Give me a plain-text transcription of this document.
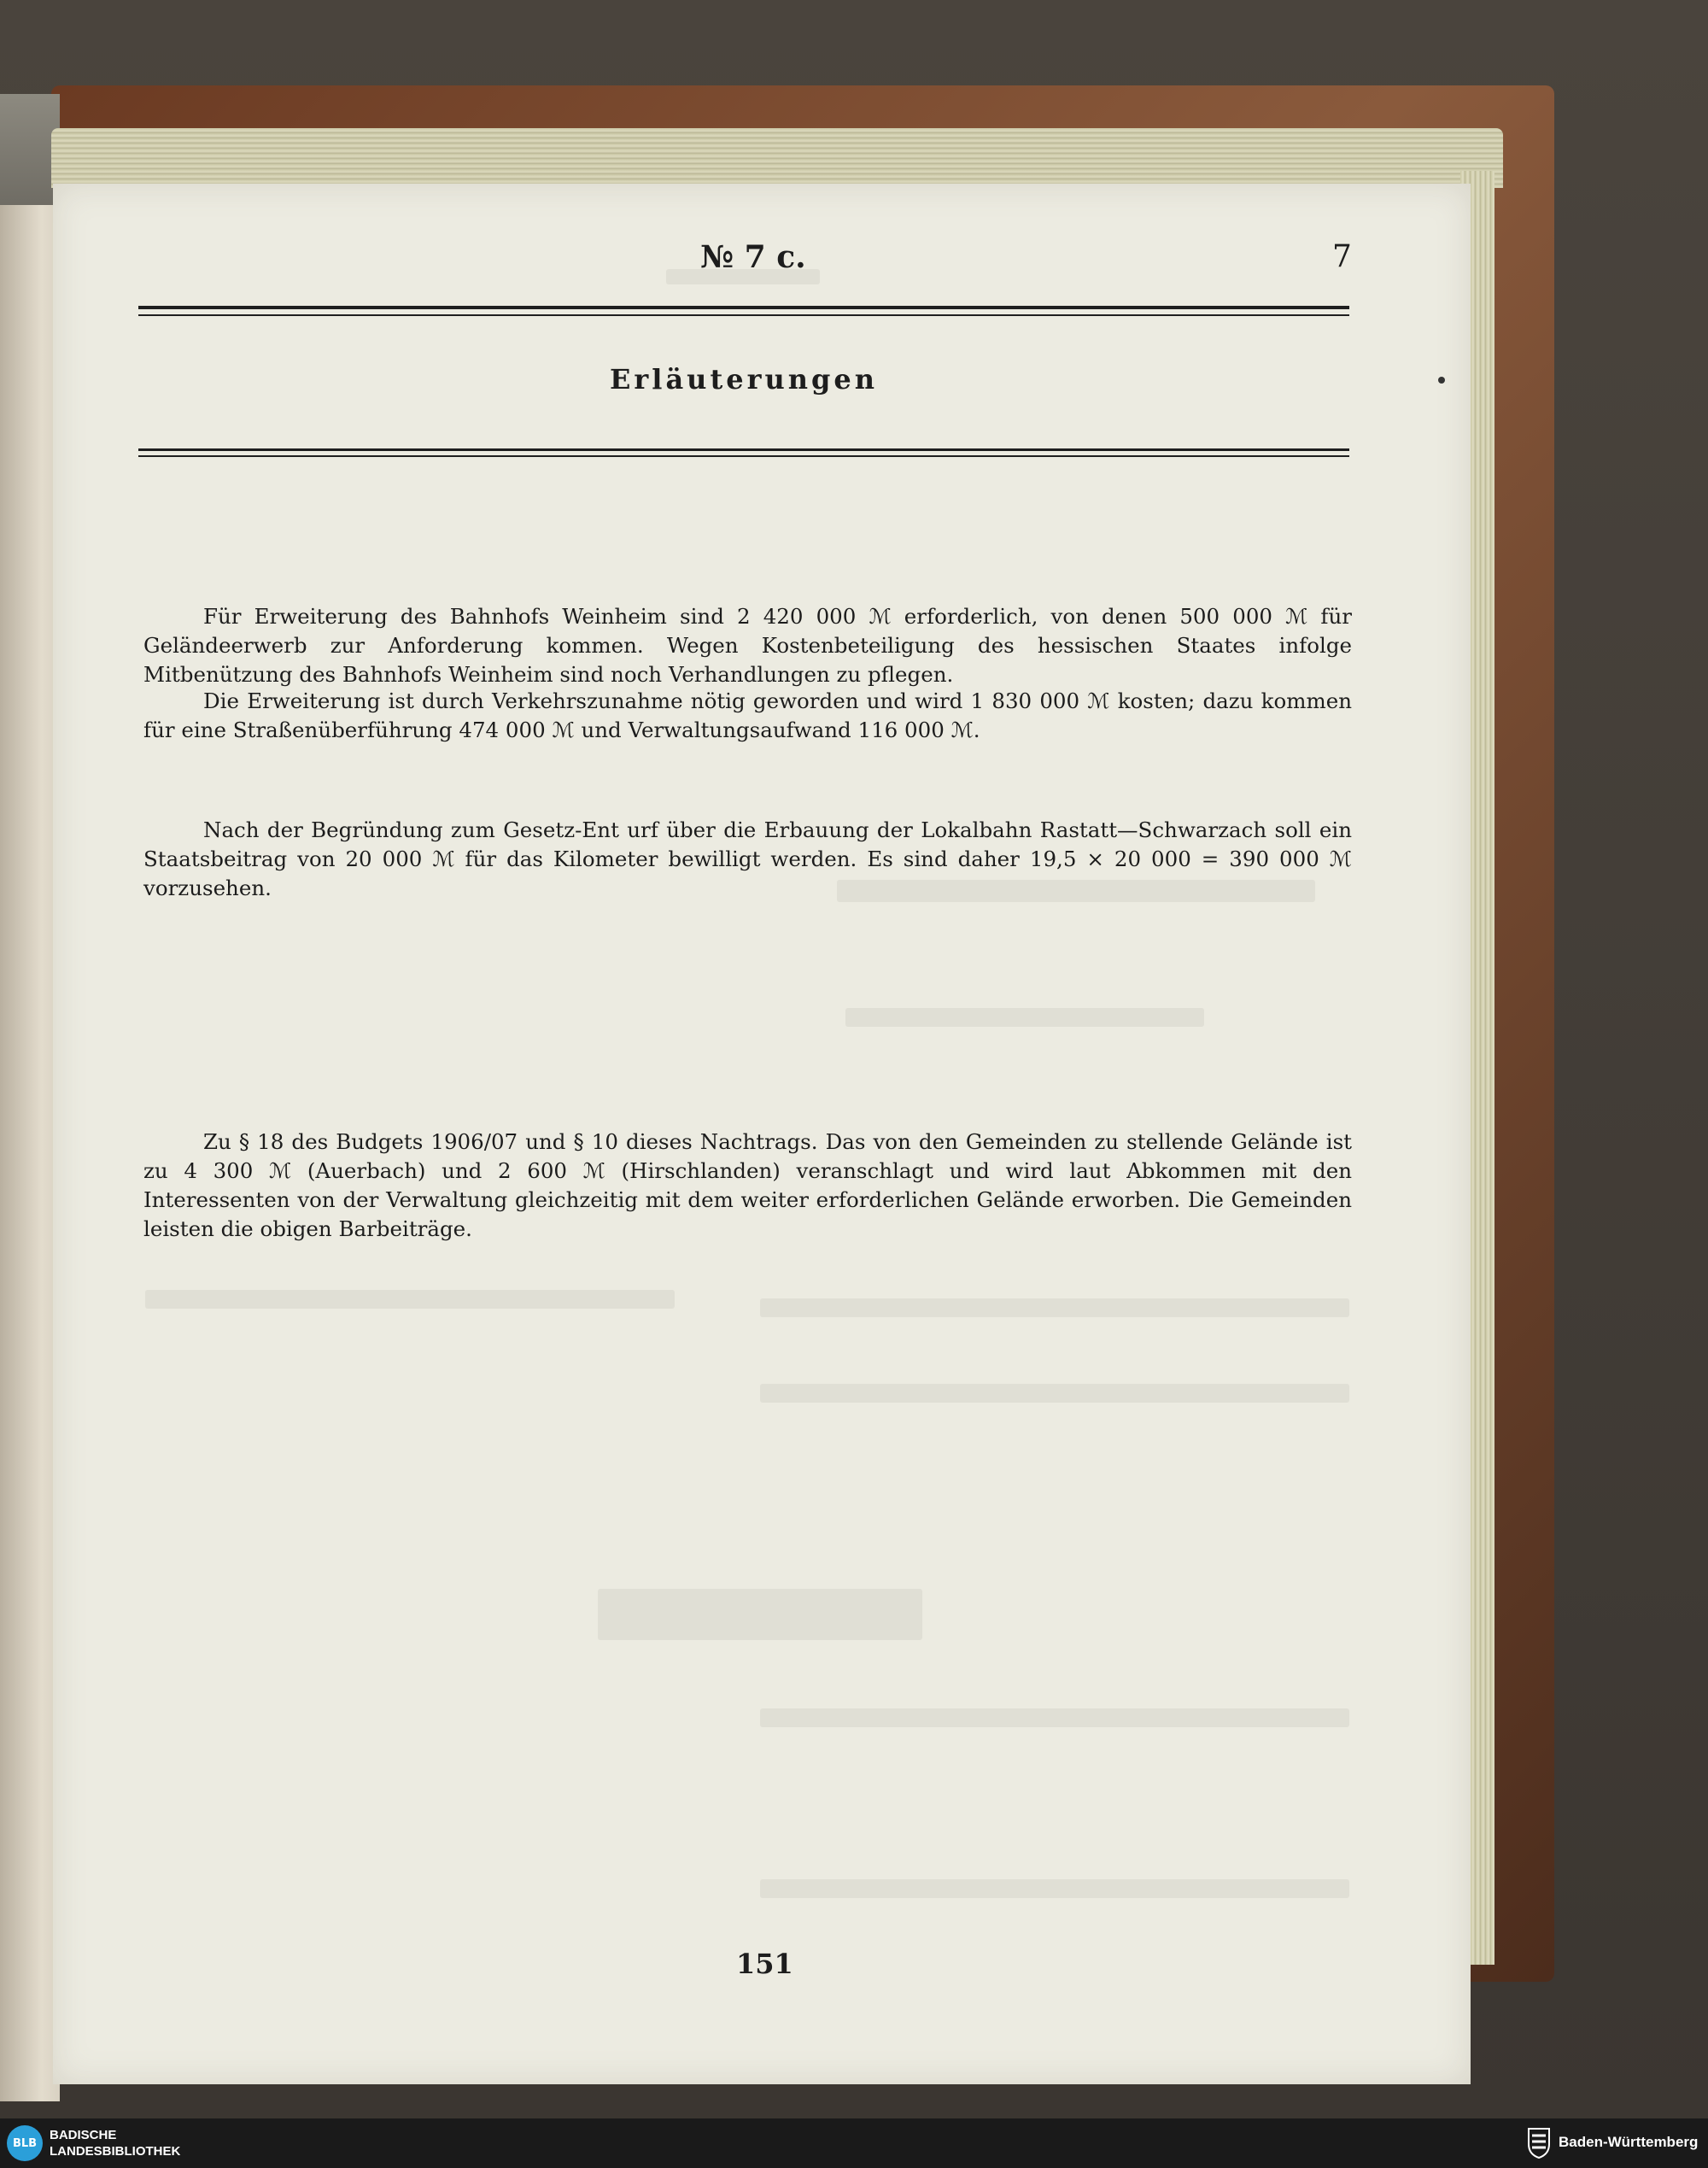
№ 7 c.	7
Erläuterungen

Für Erweiterung des Bahnhofs Weinheim sind 2 420 000 ℳ erforderlich, von denen 500 000 ℳ für Geländeerwerb zur Anforderung kommen. Wegen Kostenbeteiligung des hessischen Staates infolge Mitbenützung des Bahnhofs Weinheim sind noch Verhandlungen zu pflegen.

Die Erweiterung ist durch Verkehrszunahme nötig geworden und wird 1 830 000 ℳ kosten; dazu kommen für eine Straßenüberführung 474 000 ℳ und Verwaltungsaufwand 116 000 ℳ.

Nach der Begründung zum Gesetz-Ent urf über die Erbauung der Lokalbahn Rastatt—Schwarzach soll ein Staatsbeitrag von 20 000 ℳ für das Kilometer bewilligt werden. Es sind daher 19,5 × 20 000 = 390 000 ℳ vorzusehen.

Zu § 18 des Budgets 1906/07 und § 10 dieses Nachtrags. Das von den Gemeinden zu stellende Gelände ist zu 4 300 ℳ (Auerbach) und 2 600 ℳ (Hirschlanden) veranschlagt und wird laut Abkommen mit den Interessenten von der Verwaltung gleichzeitig mit dem weiter erforderlichen Gelände erworben. Die Gemeinden leisten die obigen Barbeiträge.

151
BLB
BADISCHE
LANDESBIBLIOTHEK
Baden-Württemberg
